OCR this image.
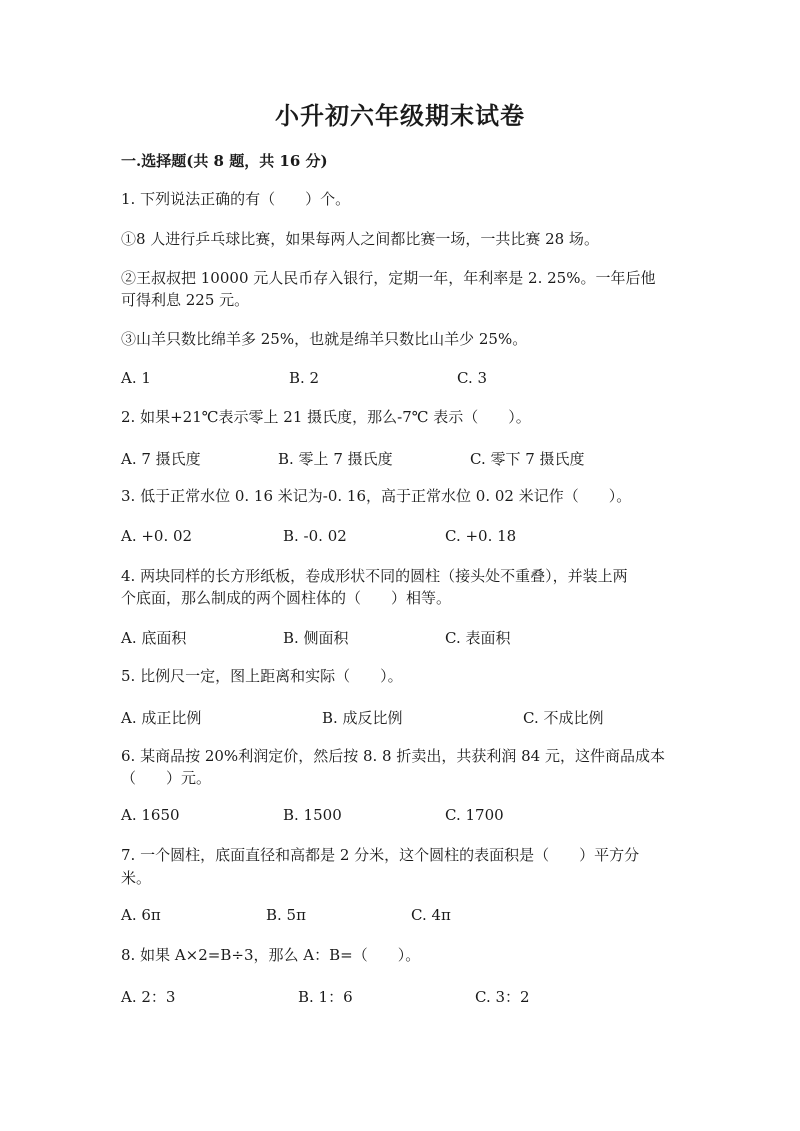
小升初六年级期末试卷
一.选择题(共 8 题，共 16 分)
1. 下列说法正确的有（　　）个。
①8 人进行乒乓球比赛，如果每两人之间都比赛一场，一共比赛 28 场。
②王叔叔把 10000 元人民币存入银行，定期一年，年利率是 2. 25%。一年后他
可得利息 225 元。
③山羊只数比绵羊多 25%，也就是绵羊只数比山羊少 25%。
A. 1	B. 2	C. 3
2. 如果+21℃表示零上 21 摄氏度，那么-7℃ 表示（　　）。
A. 7 摄氏度	B. 零上 7 摄氏度	C. 零下 7 摄氏度
3. 低于正常水位 0. 16 米记为-0. 16，高于正常水位 0. 02 米记作（　　）。
A. +0. 02	B. -0. 02	C. +0. 18
4. 两块同样的长方形纸板，卷成形状不同的圆柱（接头处不重叠），并装上两
个底面，那么制成的两个圆柱体的（　　）相等。
A. 底面积	B. 侧面积	C. 表面积
5. 比例尺一定，图上距离和实际（　　）。
A. 成正比例	B. 成反比例	C. 不成比例
6. 某商品按 20%利润定价，然后按 8. 8 折卖出，共获利润 84 元，这件商品成本
（　　）元。
A. 1650	B. 1500	C. 1700
7. 一个圆柱，底面直径和高都是 2 分米，这个圆柱的表面积是（　　）平方分
米。
A. 6π	B. 5π	C. 4π
8. 如果 A×2=B÷3，那么 A：B=（　　）。
A. 2：3	B. 1：6	C. 3：2
